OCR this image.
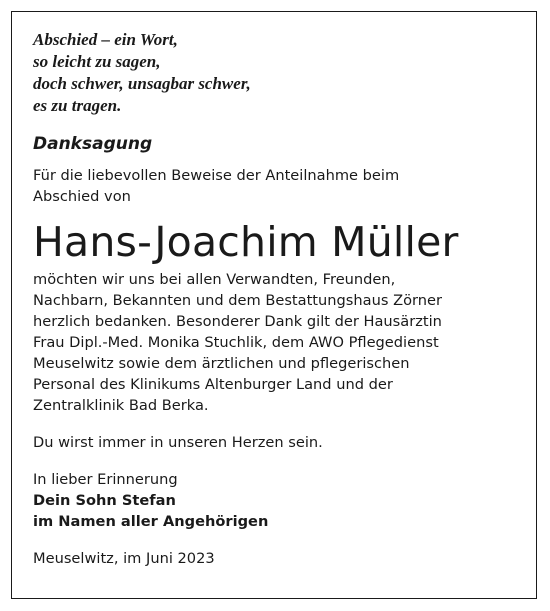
Abschied – ein Wort,
so leicht zu sagen,
doch schwer, unsagbar schwer,
es zu tragen.
Danksagung
Für die liebevollen Beweise der Anteilnahme beim
Abschied von
Hans-Joachim Müller
möchten wir uns bei allen Verwandten, Freunden,
Nachbarn, Bekannten und dem Bestattungshaus Zörner
herzlich bedanken. Besonderer Dank gilt der Hausärztin
Frau Dipl.-Med. Monika Stuchlik, dem AWO Pflegedienst
Meuselwitz sowie dem ärztlichen und pflegerischen
Personal des Klinikums Altenburger Land und der
Zentralklinik Bad Berka.
Du wirst immer in unseren Herzen sein.
In lieber Erinnerung
Dein Sohn Stefan
im Namen aller Angehörigen
Meuselwitz, im Juni 2023
